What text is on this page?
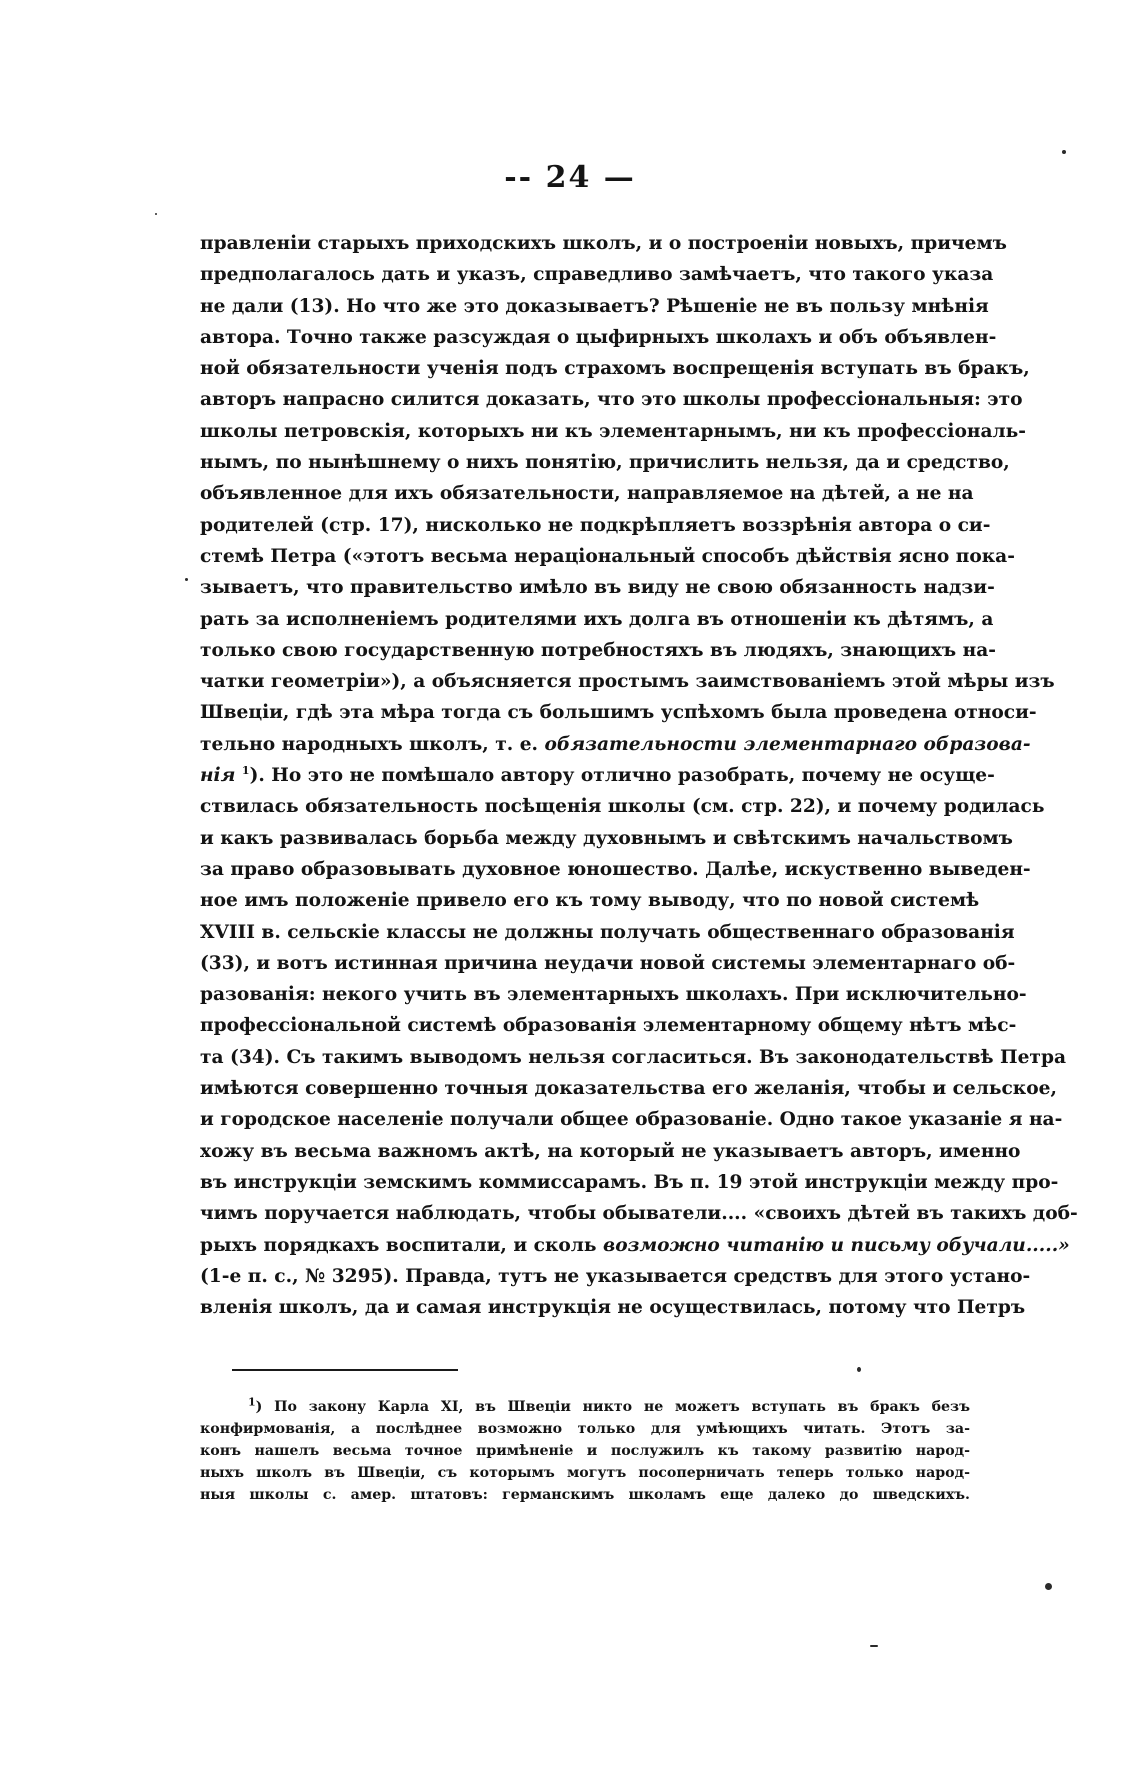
-- 24 —
правленіи старыхъ приходскихъ школъ, и о построеніи новыхъ, причемъ
предполагалось дать и указъ, справедливо замѣчаетъ, что такого указа
не дали (13). Но что же это доказываетъ? Рѣшеніе не въ пользу мнѣнія
автора. Точно также разсуждая о цыфирныхъ школахъ и объ объявлен-
ной обязательности ученія подъ страхомъ воспрещенія вступать въ бракъ,
авторъ напрасно силится доказать, что это школы профессіональныя: это
школы петровскія, которыхъ ни къ элементарнымъ, ни къ профессіональ-
нымъ, по нынѣшнему о нихъ понятію, причислить нельзя, да и средство,
объявленное для ихъ обязательности, направляемое на дѣтей, а не на
родителей (стр. 17), нисколько не подкрѣпляетъ воззрѣнія автора о си-
стемѣ Петра («этотъ весьма нераціональный способъ дѣйствія ясно пока-
зываетъ, что правительство имѣло въ виду не свою обязанность надзи-
рать за исполненіемъ родителями ихъ долга въ отношеніи къ дѣтямъ, а
только свою государственную потребностяхъ въ людяхъ, знающихъ на-
чатки геометріи»), а объясняется простымъ заимствованіемъ этой мѣры изъ
Швеціи, гдѣ эта мѣра тогда съ большимъ успѣхомъ была проведена относи-
тельно народныхъ школъ, т. е. обязательности элементарнаго образова-
нія $^1$). Но это не помѣшало автору отлично разобрать, почему не осуще-
ствилась обязательность посѣщенія школы (см. стр. 22), и почему родилась
и какъ развивалась борьба между духовнымъ и свѣтскимъ начальствомъ
за право образовывать духовное юношество. Далѣе, искуственно выведен-
ное имъ положеніе привело его къ тому выводу, что по новой системѣ
XVIII в. сельскіе классы не должны получать общественнаго образованія
(33), и вотъ истинная причина неудачи новой системы элементарнаго об-
разованія: некого учить въ элементарныхъ школахъ. При исключительно-
профессіональной системѣ образованія элементарному общему нѣтъ мѣс-
та (34). Съ такимъ выводомъ нельзя согласиться. Въ законодательствѣ Петра
имѣются совершенно точныя доказательства его желанія, чтобы и сельское,
и городское населеніе получали общее образованіе. Одно такое указаніе я на-
хожу въ весьма важномъ актѣ, на который не указываетъ авторъ, именно
въ инструкціи земскимъ коммиссарамъ. Въ п. 19 этой инструкціи между про-
чимъ поручается наблюдать, чтобы обыватели.... «своихъ дѣтей въ такихъ доб-
рыхъ порядкахъ воспитали, и сколь возможно читанію и письму обучали.....»
(1-е п. с., № 3295). Правда, тутъ не указывается средствъ для этого устано-
вленія школъ, да и самая инструкція не осуществилась, потому что Петръ
$^1$) По закону Карла XI, въ Швеціи никто не можетъ вступать въ бракъ безъ
конфирмованія, а послѣднее возможно только для умѣющихъ читать. Этотъ за-
конъ нашелъ весьма точное примѣненіе и послужилъ къ такому развитію народ-
ныхъ школъ въ Швеціи, съ которымъ могутъ посоперничать теперь только народ-
ныя школы с. амер. штатовъ: германскимъ школамъ еще далеко до шведскихъ.
